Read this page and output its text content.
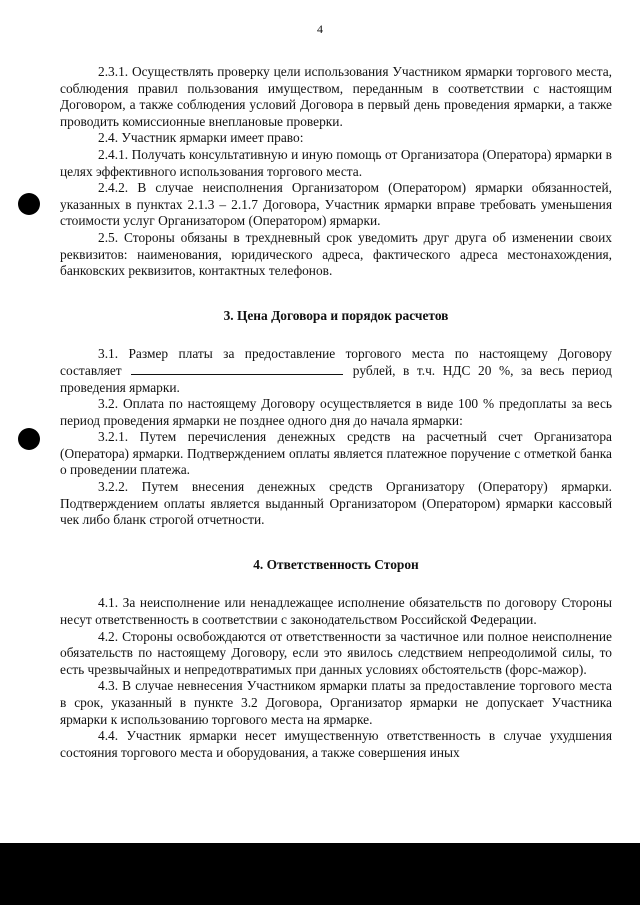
4

2.3.1. Осуществлять проверку цели использования Участником ярмарки торгового места, соблюдения правил пользования имуществом, переданным в соответствии с настоящим Договором, а также соблюдения условий Договора в первый день проведения ярмарки, а также проводить комиссионные внеплановые проверки.

2.4. Участник ярмарки имеет право:

2.4.1. Получать консультативную и иную помощь от Организатора (Оператора) ярмарки в целях эффективного использования торгового места.

2.4.2. В случае неисполнения Организатором (Оператором) ярмарки обязанностей, указанных в пунктах 2.1.3 – 2.1.7 Договора, Участник ярмарки вправе требовать уменьшения стоимости услуг Организатором (Оператором) ярмарки.

2.5. Стороны обязаны в трехдневный срок уведомить друг друга об изменении своих реквизитов: наименования, юридического адреса, фактического адреса местонахождения, банковских реквизитов, контактных телефонов.

3. Цена Договора и порядок расчетов

3.1. Размер платы за предоставление торгового места по настоящему Договору составляет	рублей, в т.ч. НДС 20 %, за весь период проведения ярмарки.

3.2. Оплата по настоящему Договору осуществляется в виде 100 % предоплаты за весь период проведения ярмарки не позднее одного дня до начала ярмарки:

3.2.1. Путем перечисления денежных средств на расчетный счет Организатора (Оператора) ярмарки. Подтверждением оплаты является платежное поручение с отметкой банка о проведении платежа.

3.2.2. Путем внесения денежных средств Организатору (Оператору) ярмарки. Подтверждением оплаты является выданный Организатором (Оператором) ярмарки кассовый чек либо бланк строгой отчетности.

4. Ответственность Сторон

4.1. За неисполнение или ненадлежащее исполнение обязательств по договору Стороны несут ответственность в соответствии с законодательством Российской Федерации.

4.2. Стороны освобождаются от ответственности за частичное или полное неисполнение обязательств по настоящему Договору, если это явилось следствием непреодолимой силы, то есть чрезвычайных и непредотвратимых при данных условиях обстоятельств (форс-мажор).

4.3. В случае невнесения Участником ярмарки платы за предоставление торгового места в срок, указанный в пункте 3.2 Договора, Организатор ярмарки не допускает Участника ярмарки к использованию торгового места на ярмарке.

4.4. Участник ярмарки несет имущественную ответственность в случае ухудшения состояния торгового места и оборудования, а также совершения иных
